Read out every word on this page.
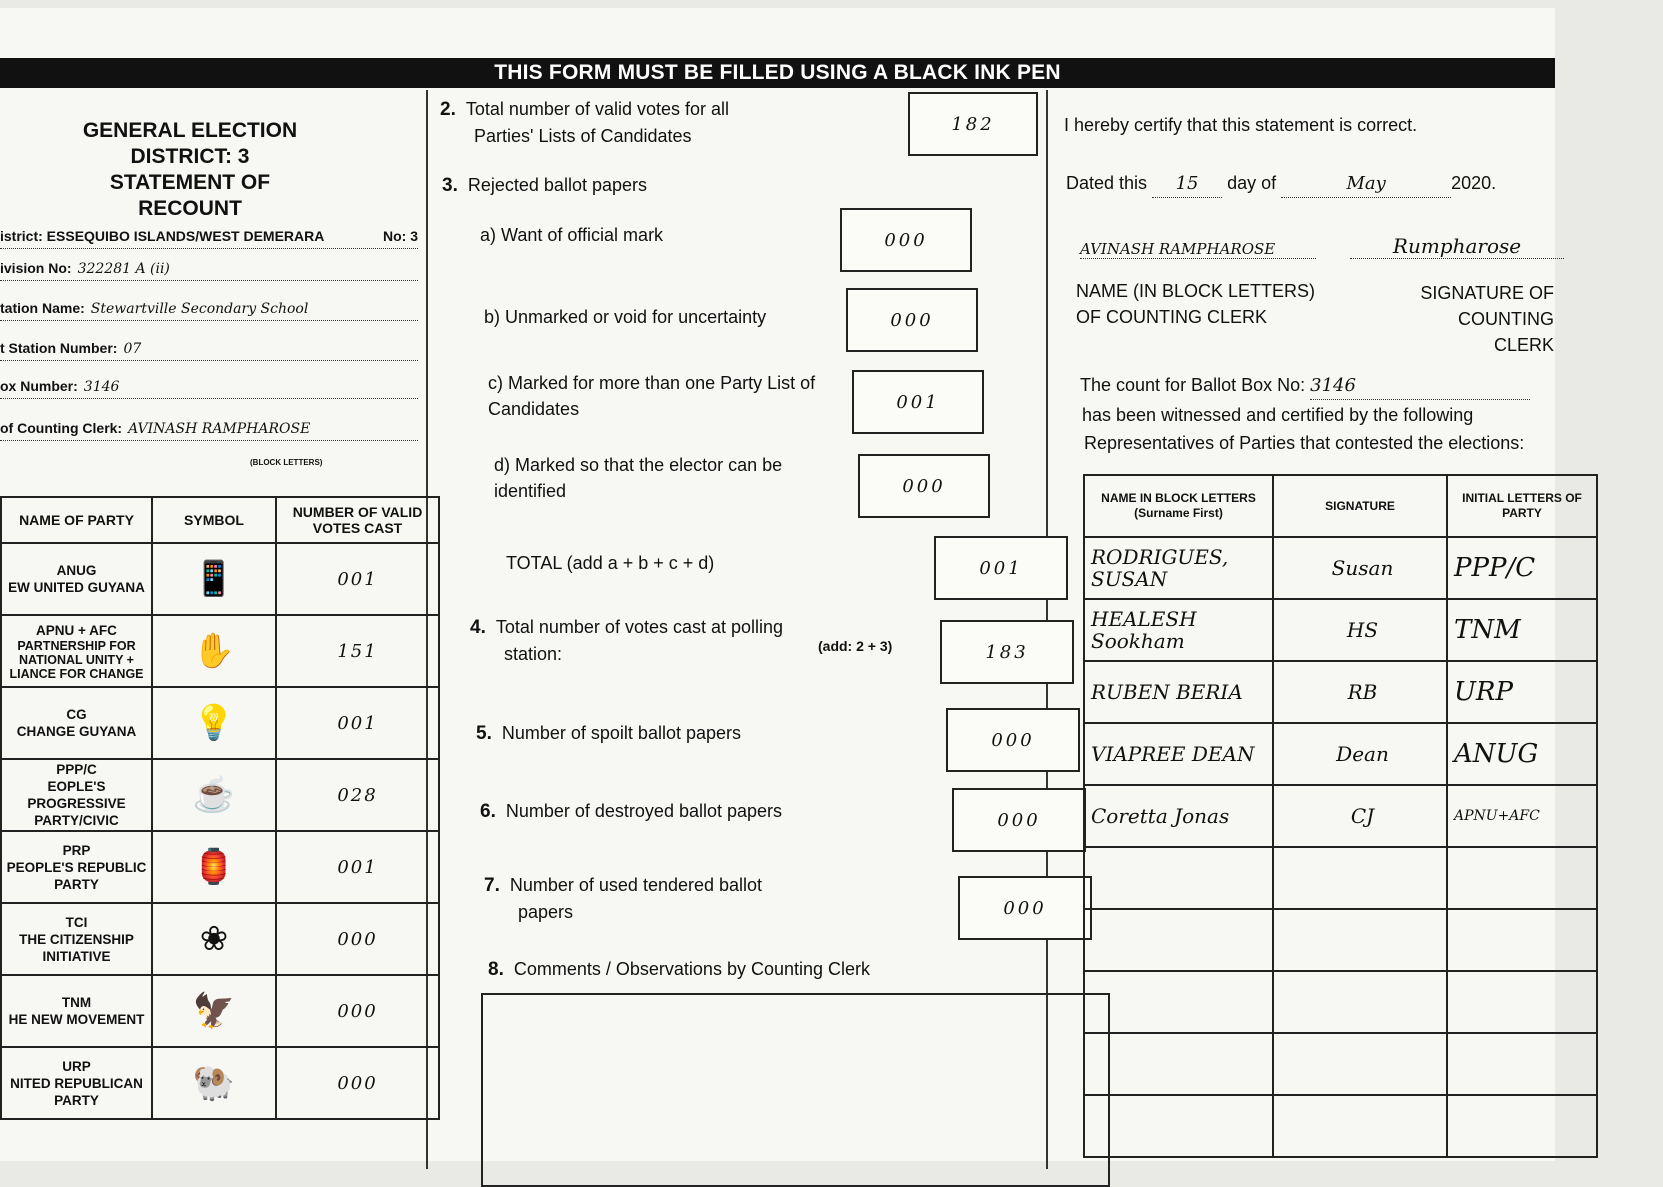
THIS FORM MUST BE FILLED USING A BLACK INK PEN
GENERAL ELECTION
DISTRICT: 3
STATEMENT OF RECOUNT
istrict: ESSEQUIBO ISLANDS/WEST DEMERARA	No: 3
ivision No: 322281 A (ii)
tation Name: Stewartville Secondary School
t Station Number: 07
ox Number: 3146
of Counting Clerk: AVINASH RAMPHAROSE
(BLOCK LETTERS)
NAME OF PARTY	SYMBOL	NUMBER OF VALID VOTES CAST

ANUG
EW UNITED GUYANA	📱	001

APNU + AFC
PARTNERSHIP FOR NATIONAL UNITY + LIANCE FOR CHANGE	✋	151

CG
CHANGE GUYANA	💡	001

PPP/C
EOPLE'S PROGRESSIVE PARTY/CIVIC	☕	028

PRP
PEOPLE'S REPUBLIC PARTY	🏮	001

TCI
THE CITIZENSHIP INITIATIVE	❀	000

TNM
HE NEW MOVEMENT	🦅	000

URP
NITED REPUBLICAN PARTY	🐏	000
2. Total number of valid votes for all
Parties' Lists of Candidates
182
3. Rejected ballot papers
a) Want of official mark	000
b) Unmarked or void for uncertainty	000
c) Marked for more than one Party List of
Candidates	001
d) Marked so that the elector can be
identified	000
TOTAL (add a + b + c + d)	001
4. Total number of votes cast at polling
station:	(add: 2 + 3)	183
5. Number of spoilt ballot papers	000
6. Number of destroyed ballot papers	000
7. Number of used tendered ballot
papers	000
8. Comments / Observations by Counting Clerk
I hereby certify that this statement is correct.
Dated this 15 day of	May	2020.
AVINASH RAMPHAROSE	Rumpharose
NAME (IN BLOCK LETTERS)
OF COUNTING CLERK
SIGNATURE OF COUNTING
CLERK
The count for Ballot Box No: 3146
has been witnessed and certified by the following
Representatives of Parties that contested the elections:
NAME IN BLOCK LETTERS (Surname First)	SIGNATURE	INITIAL LETTERS OF PARTY
RODRIGUES, SUSAN	Susan	PPP/C
HEALESH Sookham	HS	TNM
RUBEN BERIA	RB	URP
VIAPREE DEAN	Dean	ANUG
Coretta Jonas	CJ	APNU+AFC
